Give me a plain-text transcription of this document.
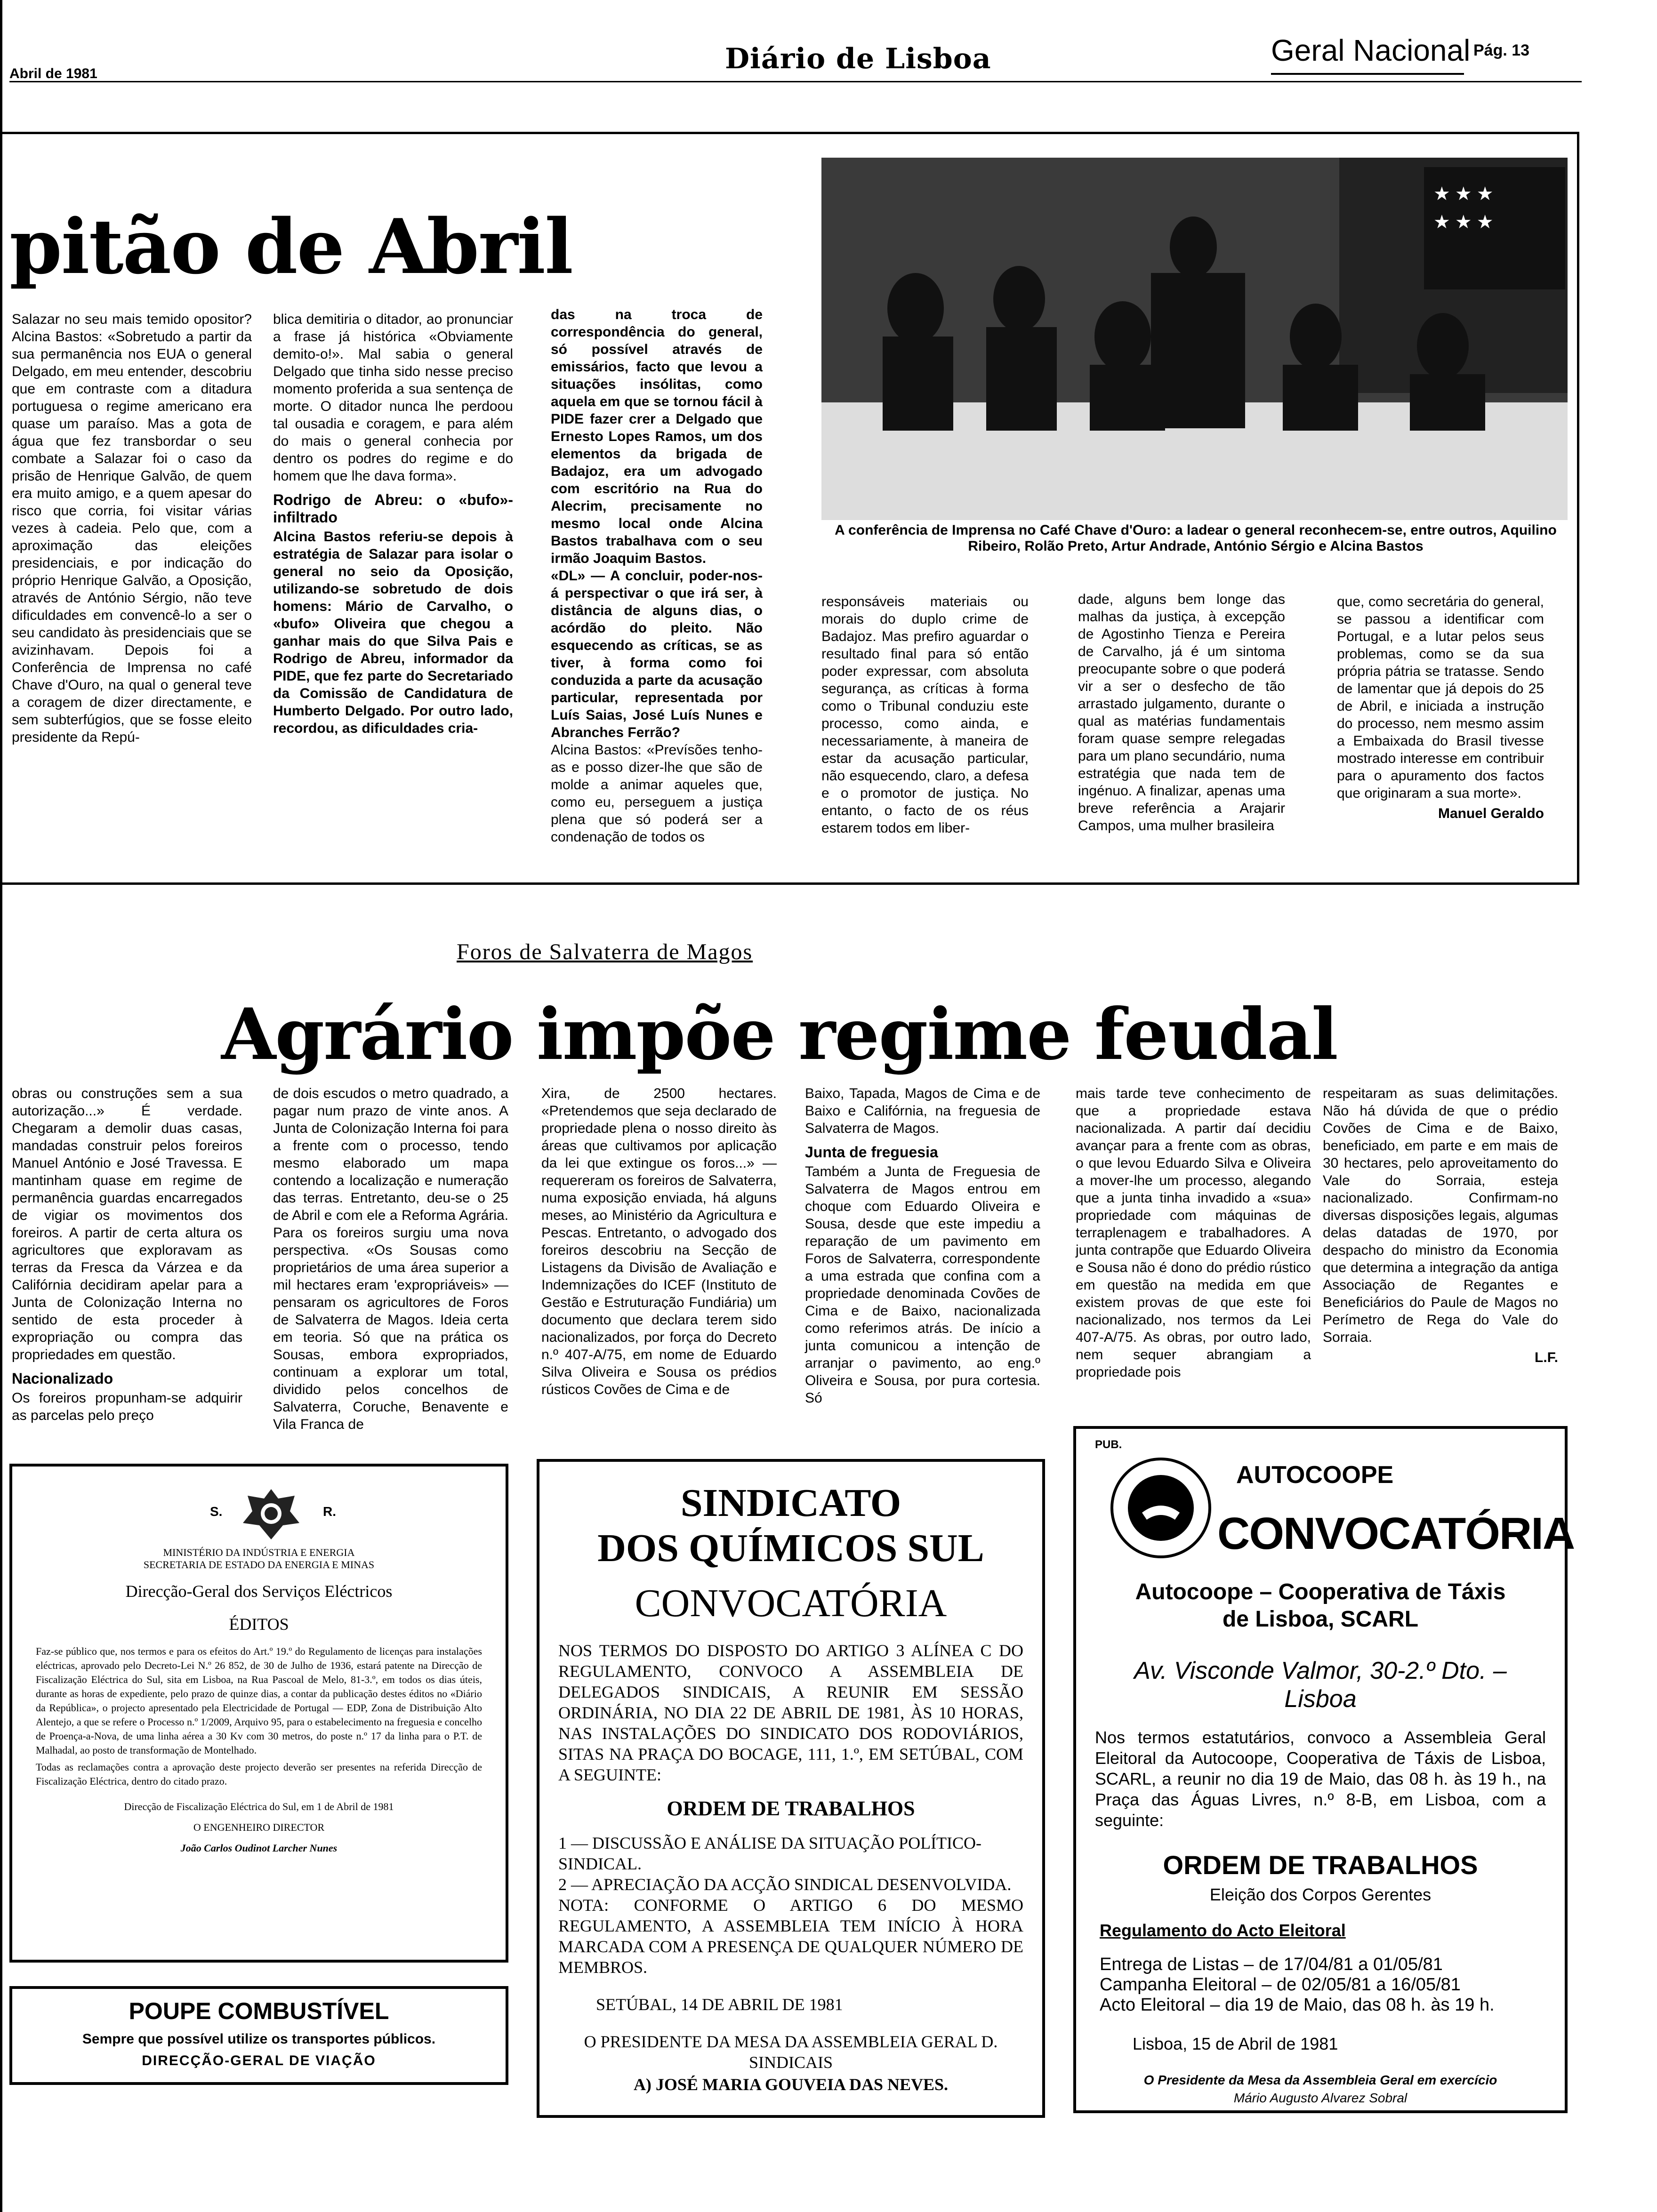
Abril de 1981	Diário de Lisboa	Geral Nacional Pág. 13
pitão de Abril

Salazar no seu mais temido opositor? Alcina Bastos: «Sobretudo a partir da sua permanência nos EUA o general Delgado, em meu entender, descobriu que em contraste com a ditadura portuguesa o regime americano era quase um paraíso. Mas a gota de água que fez transbordar o seu combate a Salazar foi o caso da prisão de Henrique Galvão, de quem era muito amigo, e a quem apesar do risco que corria, foi visitar várias vezes à cadeia. Pelo que, com a aproximação das eleições presidenciais, e por indicação do próprio Henrique Galvão, a Oposição, através de António Sérgio, não teve dificuldades em convencê-lo a ser o seu candidato às presidenciais que se avizinhavam. Depois foi a Conferência de Imprensa no café Chave d'Ouro, na qual o general teve a coragem de dizer directamente, e sem subterfúgios, que se fosse eleito presidente da Repú-

blica demitiria o ditador, ao pronunciar a frase já histórica «Obviamente demito-o!». Mal sabia o general Delgado que tinha sido nesse preciso momento proferida a sua sentença de morte. O ditador nunca lhe perdoou tal ousadia e coragem, e para além do mais o general conhecia por dentro os podres do regime e do homem que lhe dava forma».

Rodrigo de Abreu: o «bufo»-infiltrado

Alcina Bastos referiu-se depois à estratégia de Salazar para isolar o general no seio da Oposição, utilizando-se sobretudo de dois homens: Mário de Carvalho, o «bufo» Oliveira que chegou a ganhar mais do que Silva Pais e Rodrigo de Abreu, informador da PIDE, que fez parte do Secretariado da Comissão de Candidatura de Humberto Delgado. Por outro lado, recordou, as dificuldades cria-

das na troca de correspondência do general, só possível através de emissários, facto que levou a situações insólitas, como aquela em que se tornou fácil à PIDE fazer crer a Delgado que Ernesto Lopes Ramos, um dos elementos da brigada de Badajoz, era um advogado com escritório na Rua do Alecrim, precisamente no mesmo local onde Alcina Bastos trabalhava com o seu irmão Joaquim Bastos.

«DL» — A concluir, poder-nos-á perspectivar o que irá ser, à distância de alguns dias, o acórdão do pleito. Não esquecendo as críticas, se as tiver, à forma como foi conduzida a parte da acusação particular, representada por Luís Saias, José Luís Nunes e Abranches Ferrão?

Alcina Bastos: «Prevísões tenho-as e posso dizer-lhe que são de molde a animar aqueles que, como eu, perseguem a justiça plena que só poderá ser a condenação de todos os

★ ★ ★
★ ★ ★
A conferência de Imprensa no Café Chave d'Ouro: a ladear o general reconhecem-se, entre outros, Aquilino Ribeiro, Rolão Preto, Artur Andrade, António Sérgio e Alcina Bastos

responsáveis materiais ou morais do duplo crime de Badajoz. Mas prefiro aguardar o resultado final para só então poder expressar, com absoluta segurança, as críticas à forma como o Tribunal conduziu este processo, como ainda, e necessariamente, à maneira de estar da acusação particular, não esquecendo, claro, a defesa e o promotor de justiça. No entanto, o facto de os réus estarem todos em liber-

dade, alguns bem longe das malhas da justiça, à excepção de Agostinho Tienza e Pereira de Carvalho, já é um sintoma preocupante sobre o que poderá vir a ser o desfecho de tão arrastado julgamento, durante o qual as matérias fundamentais foram quase sempre relegadas para um plano secundário, numa estratégia que nada tem de ingénuo. A finalizar, apenas uma breve referência a Arajarir Campos, uma mulher brasileira

que, como secretária do general, se passou a identificar com Portugal, e a lutar pelos seus problemas, como se da sua própria pátria se tratasse. Sendo de lamentar que já depois do 25 de Abril, e iniciada a instrução do processo, nem mesmo assim a Embaixada do Brasil tivesse mostrado interesse em contribuir para o apuramento dos factos que originaram a sua morte».

Manuel Geraldo

Foros de Salvaterra de Magos
Agrário impõe regime feudal

obras ou construções sem a sua autorização...» É verdade. Chegaram a demolir duas casas, mandadas construir pelos foreiros Manuel António e José Travessa. E mantinham quase em regime de permanência guardas encarregados de vigiar os movimentos dos foreiros. A partir de certa altura os agricultores que exploravam as terras da Fresca da Várzea e da Califórnia decidiram apelar para a Junta de Colonização Interna no sentido de esta proceder à expropriação ou compra das propriedades em questão.

Nacionalizado

Os foreiros propunham-se adquirir as parcelas pelo preço

de dois escudos o metro quadrado, a pagar num prazo de vinte anos. A Junta de Colonização Interna foi para a frente com o processo, tendo mesmo elaborado um mapa contendo a localização e numeração das terras. Entretanto, deu-se o 25 de Abril e com ele a Reforma Agrária. Para os foreiros surgiu uma nova perspectiva. «Os Sousas como proprietários de uma área superior a mil hectares eram 'expropriáveis» — pensaram os agricultores de Foros de Salvaterra de Magos. Ideia certa em teoria. Só que na prática os Sousas, embora expropriados, continuam a explorar um total, dividido pelos concelhos de Salvaterra, Coruche, Benavente e Vila Franca de

Xira, de 2500 hectares. «Pretendemos que seja declarado de propriedade plena o nosso direito às áreas que cultivamos por aplicação da lei que extingue os foros...» — requereram os foreiros de Salvaterra, numa exposição enviada, há alguns meses, ao Ministério da Agricultura e Pescas. Entretanto, o advogado dos foreiros descobriu na Secção de Listagens da Divisão de Avaliação e Indemnizações do ICEF (Instituto de Gestão e Estruturação Fundiária) um documento que declara terem sido nacionalizados, por força do Decreto n.º 407-A/75, em nome de Eduardo Silva Oliveira e Sousa os prédios rústicos Covões de Cima e de

Baixo, Tapada, Magos de Cima e de Baixo e Califórnia, na freguesia de Salvaterra de Magos.

Junta de freguesia

Também a Junta de Freguesia de Salvaterra de Magos entrou em choque com Eduardo Oliveira e Sousa, desde que este impediu a reparação de um pavimento em Foros de Salvaterra, correspondente a uma estrada que confina com a propriedade denominada Covões de Cima e de Baixo, nacionalizada como referimos atrás. De início a junta comunicou a intenção de arranjar o pavimento, ao eng.º Oliveira e Sousa, por pura cortesia. Só

mais tarde teve conhecimento de que a propriedade estava nacionalizada. A partir daí decidiu avançar para a frente com as obras, o que levou Eduardo Silva e Oliveira a mover-lhe um processo, alegando que a junta tinha invadido a «sua» propriedade com máquinas de terraplenagem e trabalhadores. A junta contrapõe que Eduardo Oliveira e Sousa não é dono do prédio rústico em questão na medida em que existem provas de que este foi nacionalizado, nos termos da Lei 407-A/75. As obras, por outro lado, nem sequer abrangiam a propriedade pois

respeitaram as suas delimitações. Não há dúvida de que o prédio Covões de Cima e de Baixo, beneficiado, em parte e em mais de 30 hectares, pelo aproveitamento do Vale do Sorraia, esteja nacionalizado. Confirmam-no diversas disposições legais, algumas delas datadas de 1970, por despacho do ministro da Economia que determina a integração da antiga Associação de Regantes e Beneficiários do Paule de Magos no Perímetro de Rega do Vale do Sorraia.

L.F.

S.	R.
MINISTÉRIO DA INDÚSTRIA E ENERGIA
SECRETARIA DE ESTADO DA ENERGIA E MINAS
Direcção-Geral dos Serviços Eléctricos
ÉDITOS

Faz-se público que, nos termos e para os efeitos do Art.º 19.º do Regulamento de licenças para instalações eléctricas, aprovado pelo Decreto-Lei N.º 26 852, de 30 de Julho de 1936, estará patente na Direcção de Fiscalização Eléctrica do Sul, sita em Lisboa, na Rua Pascoal de Melo, 81-3.º, em todos os dias úteis, durante as horas de expediente, pelo prazo de quinze dias, a contar da publicação destes éditos no «Diário da República», o projecto apresentado pela Electricidade de Portugal — EDP, Zona de Distribuição Alto Alentejo, a que se refere o Processo n.º 1/2009, Arquivo 95, para o estabelecimento na freguesia e concelho de Proença-a-Nova, de uma linha aérea a 30 Kv com 30 metros, do poste n.º 17 da linha para o P.T. de Malhadal, ao posto de transformação de Montelhado.

Todas as reclamações contra a aprovação deste projecto deverão ser presentes na referida Direcção de Fiscalização Eléctrica, dentro do citado prazo.

Direcção de Fiscalização Eléctrica do Sul, em 1 de Abril de 1981
O ENGENHEIRO DIRECTOR
João Carlos Oudinot Larcher Nunes
POUPE COMBUSTÍVEL
Sempre que possível utilize os transportes públicos.
DIRECÇÃO-GERAL DE VIAÇÃO
SINDICATO
DOS QUÍMICOS SUL
CONVOCATÓRIA

NOS TERMOS DO DISPOSTO DO ARTIGO 3 ALÍNEA C DO REGULAMENTO, CONVOCO A ASSEMBLEIA DE DELEGADOS SINDICAIS, A REUNIR EM SESSÃO ORDINÁRIA, NO DIA 22 DE ABRIL DE 1981, ÀS 10 HORAS, NAS INSTALAÇÕES DO SINDICATO DOS RODOVIÁRIOS, SITAS NA PRAÇA DO BOCAGE, 111, 1.º, EM SETÚBAL, COM A SEGUINTE:

ORDEM DE TRABALHOS

1 — DISCUSSÃO E ANÁLISE DA SITUAÇÃO POLÍTICO-SINDICAL.

2 — APRECIAÇÃO DA ACÇÃO SINDICAL DESENVOLVIDA.

NOTA: CONFORME O ARTIGO 6 DO MESMO REGULAMENTO, A ASSEMBLEIA TEM INÍCIO À HORA MARCADA COM A PRESENÇA DE QUALQUER NÚMERO DE MEMBROS.

SETÚBAL, 14 DE ABRIL DE 1981
O PRESIDENTE DA MESA DA ASSEMBLEIA GERAL D. SINDICAIS
A) JOSÉ MARIA GOUVEIA DAS NEVES.
PUB.
AUTOCOOPE
CONVOCATÓRIA
Autocoope – Cooperativa de Táxis de Lisboa, SCARL
Av. Visconde Valmor, 30-2.º Dto. – Lisboa

Nos termos estatutários, convoco a Assembleia Geral Eleitoral da Autocoope, Cooperativa de Táxis de Lisboa, SCARL, a reunir no dia 19 de Maio, das 08 h. às 19 h., na Praça das Águas Livres, n.º 8-B, em Lisboa, com a seguinte:

ORDEM DE TRABALHOS
Eleição dos Corpos Gerentes
Regulamento do Acto Eleitoral
Entrega de Listas – de 17/04/81 a 01/05/81
Campanha Eleitoral – de 02/05/81 a 16/05/81
Acto Eleitoral – dia 19 de Maio, das 08 h. às 19 h.
Lisboa, 15 de Abril de 1981
O Presidente da Mesa da Assembleia Geral em exercício
Mário Augusto Alvarez Sobral
